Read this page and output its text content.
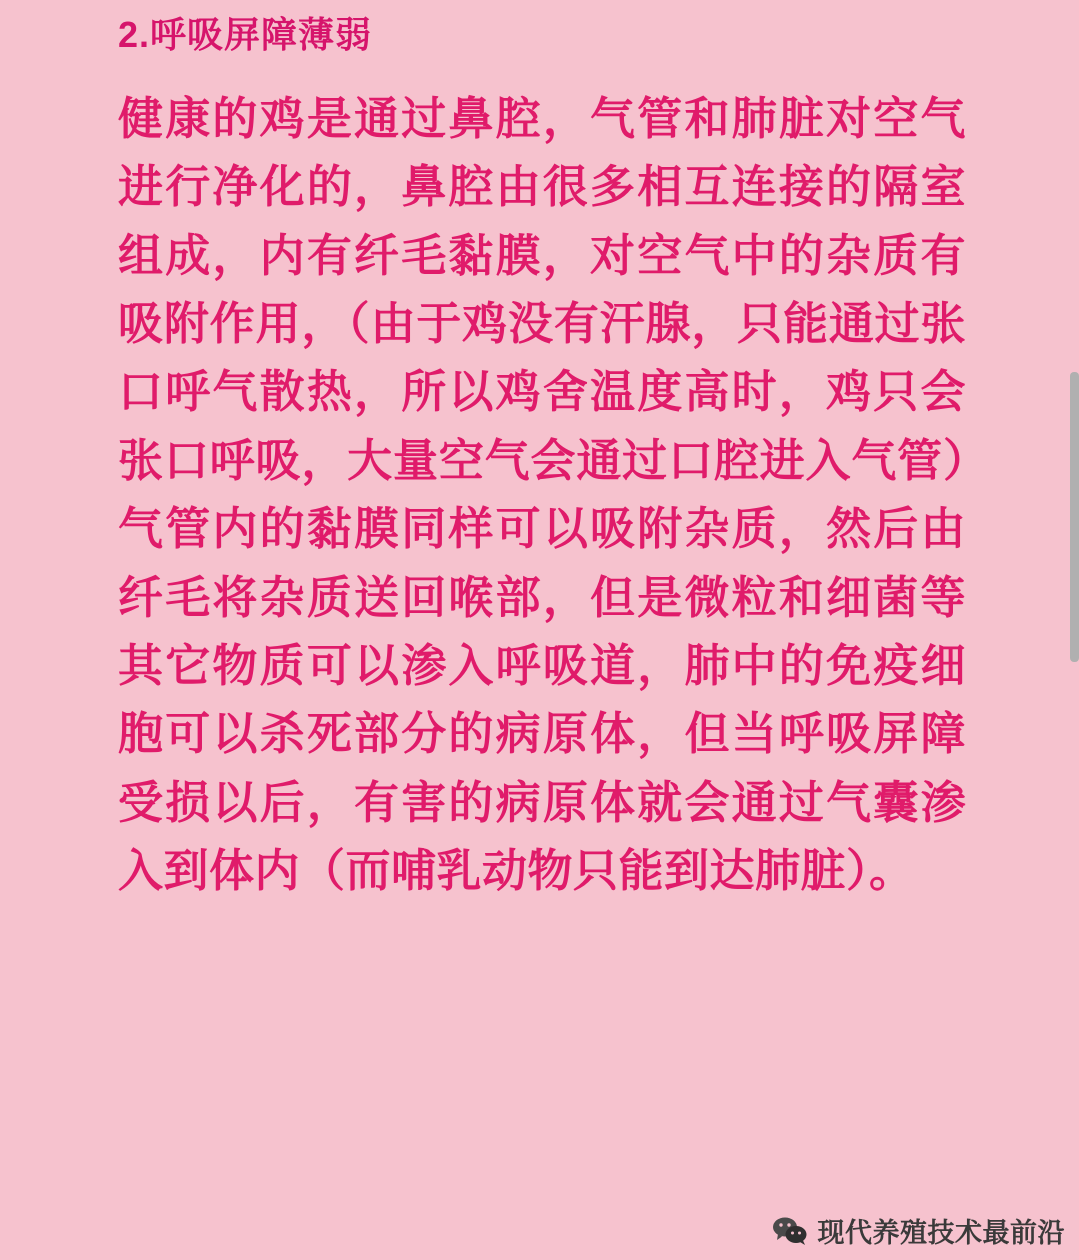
2.呼吸屏障薄弱

健康的鸡是通过鼻腔，气管和肺脏对空气进行净化的，鼻腔由很多相互连接的隔室组成，内有纤毛黏膜，对空气中的杂质有吸附作用，（由于鸡没有汗腺，只能通过张口呼气散热，所以鸡舍温度高时，鸡只会张口呼吸，大量空气会通过口腔进入气管）气管内的黏膜同样可以吸附杂质，然后由纤毛将杂质送回喉部，但是微粒和细菌等其它物质可以渗入呼吸道，肺中的免疫细胞可以杀死部分的病原体，但当呼吸屏障受损以后，有害的病原体就会通过气囊渗入到体内（而哺乳动物只能到达肺脏）。

现代养殖技术最前沿
